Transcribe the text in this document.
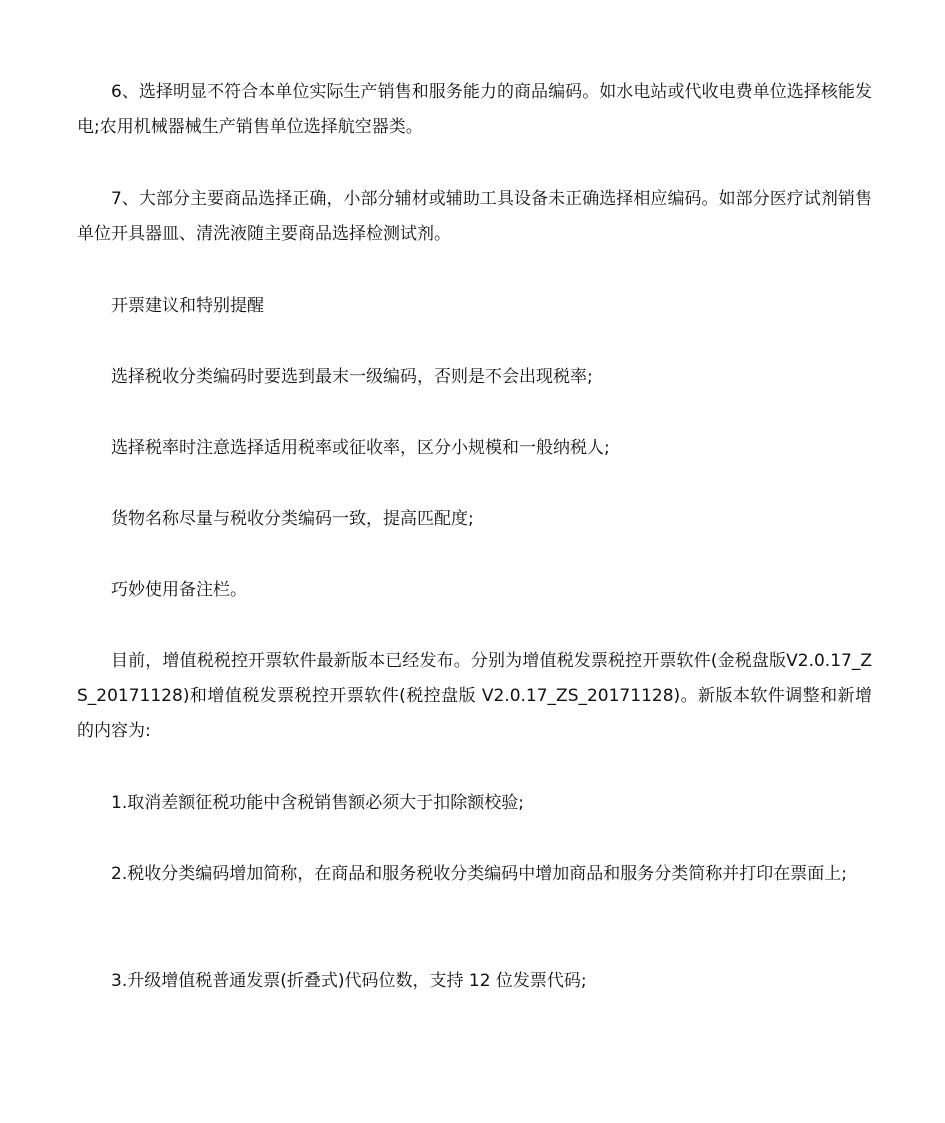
6、选择明显不符合本单位实际生产销售和服务能力的商品编码。如水电站或代收电费单位选择核能发电;农用机械器械生产销售单位选择航空器类。

7、大部分主要商品选择正确，小部分辅材或辅助工具设备未正确选择相应编码。如部分医疗试剂销售单位开具器皿、清洗液随主要商品选择检测试剂。

开票建议和特别提醒

选择税收分类编码时要选到最末一级编码，否则是不会出现税率;

选择税率时注意选择适用税率或征收率，区分小规模和一般纳税人;

货物名称尽量与税收分类编码一致，提高匹配度;

巧妙使用备注栏。

目前，增值税税控开票软件最新版本已经发布。分别为增值税发票税控开票软件(金税盘版V2.0.17_ZS_20171128)和增值税发票税控开票软件(税控盘版 V2.0.17_ZS_20171128)。新版本软件调整和新增的内容为:

1.取消差额征税功能中含税销售额必须大于扣除额校验;

2.税收分类编码增加简称，在商品和服务税收分类编码中增加商品和服务分类简称并打印在票面上;

3.升级增值税普通发票(折叠式)代码位数，支持 12 位发票代码;
